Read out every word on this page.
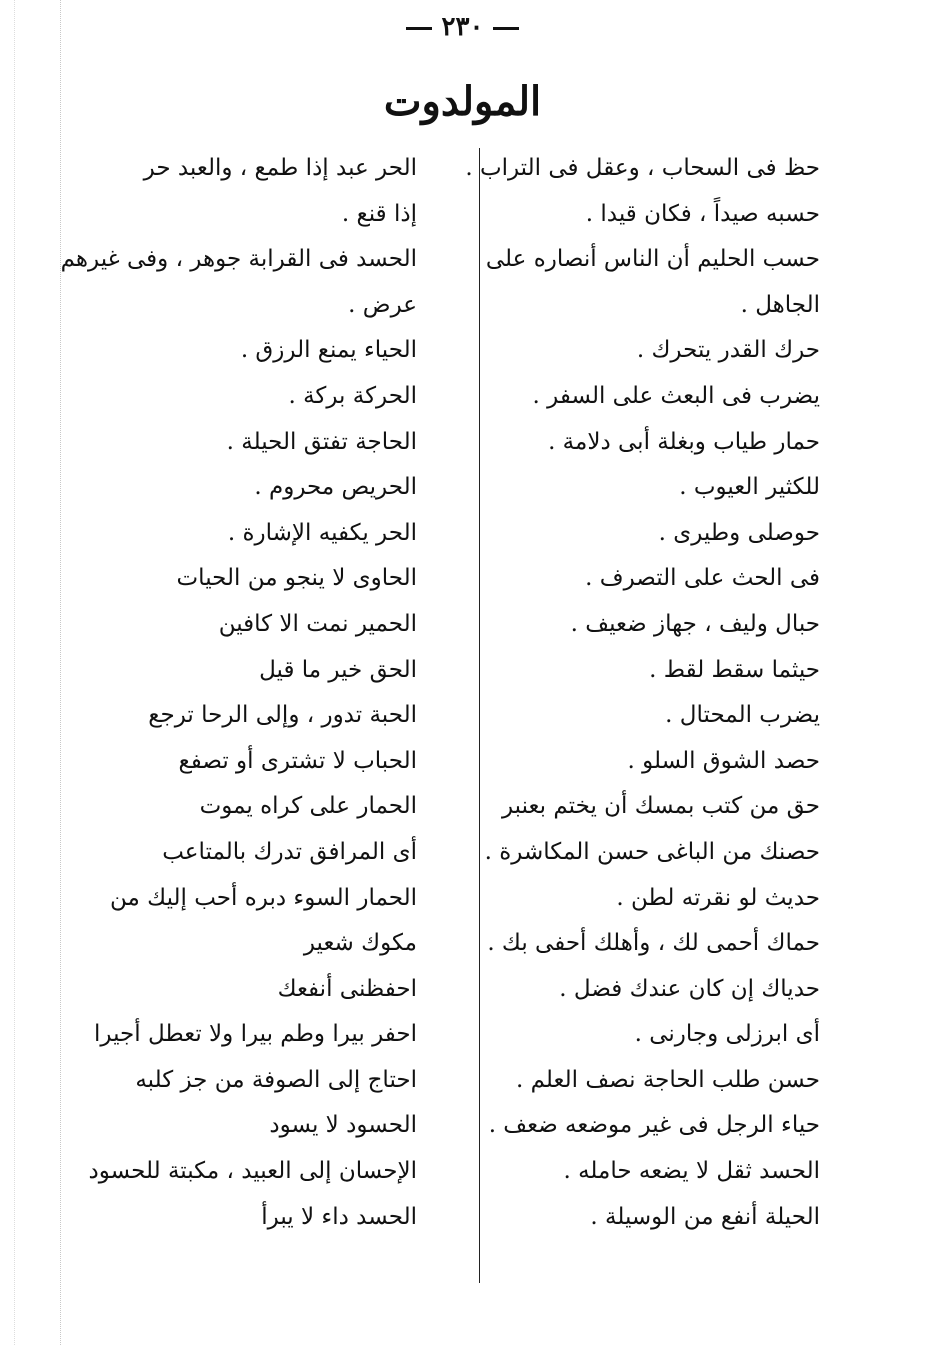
٢٣٠
المولدوت
حظ فى السحاب ، وعقل فى التراب .
حسبه صيداً ، فكان قيدا .
حسب الحليم أن الناس أنصاره على
الجاهل .
حرك القدر يتحرك .
يضرب فى البعث على السفر .
حمار طياب وبغلة أبى دلامة .
للكثير العيوب .
حوصلى وطيرى .
فى الحث على التصرف .
حبال وليف ، جهاز ضعيف .
حيثما سقط لقط .
يضرب المحتال .
حصد الشوق السلو .
حق من كتب بمسك أن يختم بعنبر
حصنك من الباغى حسن المكاشرة .
حديث لو نقرته لطن .
حماك أحمى لك ، وأهلك أحفى بك .
حدياك إن كان عندك فضل .
أى ابرزلى وجارنى .
حسن طلب الحاجة نصف العلم .
حياء الرجل فى غير موضعه ضعف .
الحسد ثقل لا يضعه حامله .
الحيلة أنفع من الوسيلة .
الحر عبد إذا طمع ، والعبد حر
إذا قنع .
الحسد فى القرابة جوهر ، وفى غيرهم
عرض .
الحياء يمنع الرزق .
الحركة بركة .
الحاجة تفتق الحيلة .
الحريص محروم .
الحر يكفيه الإشارة .
الحاوى لا ينجو من الحيات
الحمير نمت الا كافين
الحق خير ما قيل
الحبة تدور ، وإلى الرحا ترجع
الحباب لا تشترى أو تصفع
الحمار على كراه يموت
أى المرافق تدرك بالمتاعب
الحمار السوء دبره أحب إليك من
مكوك شعير
احفظنى أنفعك
احفر بيرا وطم بيرا ولا تعطل أجيرا
احتاج إلى الصوفة من جز كلبه
الحسود لا يسود
الإحسان إلى العبيد ، مكبتة للحسود
الحسد داء لا يبرأ
